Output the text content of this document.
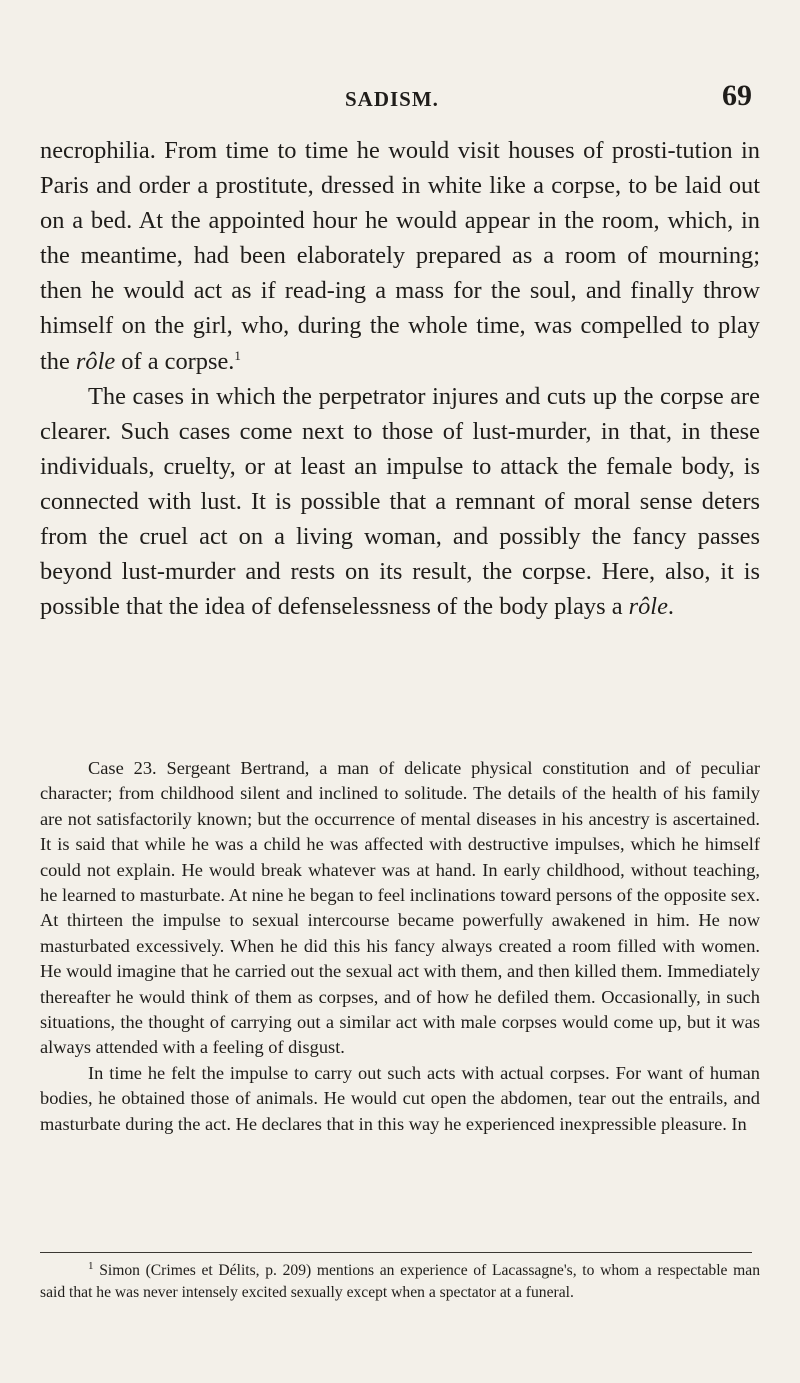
SADISM.	69

necrophilia. From time to time he would visit houses of prosti-tution in Paris and order a prostitute, dressed in white like a corpse, to be laid out on a bed. At the appointed hour he would appear in the room, which, in the meantime, had been elaborately prepared as a room of mourning; then he would act as if read-ing a mass for the soul, and finally throw himself on the girl, who, during the whole time, was compelled to play the rôle of a corpse.$^1$

The cases in which the perpetrator injures and cuts up the corpse are clearer. Such cases come next to those of lust-murder, in that, in these individuals, cruelty, or at least an impulse to attack the female body, is connected with lust. It is possible that a remnant of moral sense deters from the cruel act on a living woman, and possibly the fancy passes beyond lust-murder and rests on its result, the corpse. Here, also, it is possible that the idea of defenselessness of the body plays a rôle.

Case 23. Sergeant Bertrand, a man of delicate physical constitution and of peculiar character; from childhood silent and inclined to solitude. The details of the health of his family are not satisfactorily known; but the occurrence of mental diseases in his ancestry is ascertained. It is said that while he was a child he was affected with destructive impulses, which he himself could not explain. He would break whatever was at hand. In early childhood, without teaching, he learned to masturbate. At nine he began to feel inclinations toward persons of the opposite sex. At thirteen the impulse to sexual intercourse became powerfully awakened in him. He now masturbated excessively. When he did this his fancy always created a room filled with women. He would imagine that he carried out the sexual act with them, and then killed them. Immediately thereafter he would think of them as corpses, and of how he defiled them. Occasionally, in such situations, the thought of carrying out a similar act with male corpses would come up, but it was always attended with a feeling of disgust.

In time he felt the impulse to carry out such acts with actual corpses. For want of human bodies, he obtained those of animals. He would cut open the abdomen, tear out the entrails, and masturbate during the act. He declares that in this way he experienced inexpressible pleasure. In

$^1$ Simon (Crimes et Délits, p. 209) mentions an experience of Lacassagne's, to whom a respectable man said that he was never intensely excited sexually except when a spectator at a funeral.
